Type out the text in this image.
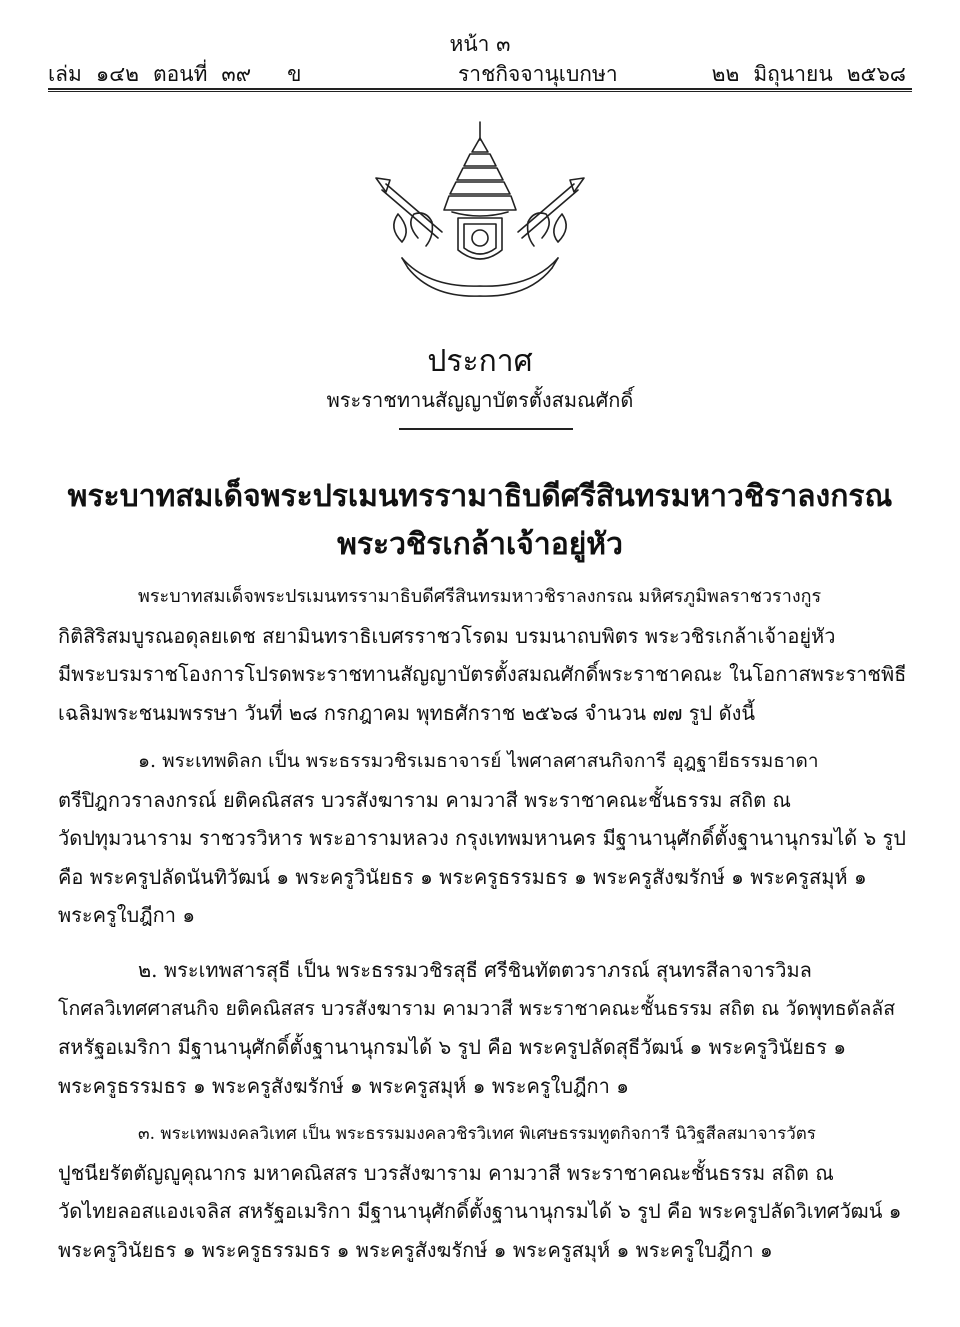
หน้า ๓
เล่ม ๑๔๒ ตอนที่ ๓๙ ข	ราชกิจจานุเบกษา	๒๒ มิถุนายน ๒๕๖๘
ประกาศ
พระราชทานสัญญาบัตรตั้งสมณศักดิ์
พระบาทสมเด็จพระปรเมนทรรามาธิบดีศรีสินทรมหาวชิราลงกรณ
พระวชิรเกล้าเจ้าอยู่หัว
พระบาทสมเด็จพระปรเมนทรรามาธิบดีศรีสินทรมหาวชิราลงกรณ มหิศรภูมิพลราชวรางกูร
กิติสิริสมบูรณอดุลยเดช สยามินทราธิเบศรราชวโรดม บรมนาถบพิตร พระวชิรเกล้าเจ้าอยู่หัว
มีพระบรมราชโองการโปรดพระราชทานสัญญาบัตรตั้งสมณศักดิ์พระราชาคณะ ในโอกาสพระราชพิธี
เฉลิมพระชนมพรรษา วันที่ ๒๘ กรกฎาคม พุทธศักราช ๒๕๖๘ จำนวน ๗๗ รูป ดังนี้
๑. พระเทพดิลก เป็น พระธรรมวชิรเมธาจารย์ ไพศาลศาสนกิจการี อุฎฐายีธรรมธาดา
ตรีปิฎกวราลงกรณ์ ยติคณิสสร บวรสังฆาราม คามวาสี พระราชาคณะชั้นธรรม สถิต ณ
วัดปทุมวนาราม ราชวรวิหาร พระอารามหลวง กรุงเทพมหานคร มีฐานานุศักดิ์ตั้งฐานานุกรมได้ ๖ รูป
คือ พระครูปลัดนันทิวัฒน์ ๑ พระครูวินัยธร ๑ พระครูธรรมธร ๑ พระครูสังฆรักษ์ ๑ พระครูสมุห์ ๑
พระครูใบฎีกา ๑
๒. พระเทพสารสุธี เป็น พระธรรมวชิรสุธี ศรีชินทัตตวราภรณ์ สุนทรสีลาจารวิมล
โกศลวิเทศศาสนกิจ ยติคณิสสร บวรสังฆาราม คามวาสี พระราชาคณะชั้นธรรม สถิต ณ วัดพุทธดัลลัส
สหรัฐอเมริกา มีฐานานุศักดิ์ตั้งฐานานุกรมได้ ๖ รูป คือ พระครูปลัดสุธีวัฒน์ ๑ พระครูวินัยธร ๑
พระครูธรรมธร ๑ พระครูสังฆรักษ์ ๑ พระครูสมุห์ ๑ พระครูใบฎีกา ๑
๓. พระเทพมงคลวิเทศ เป็น พระธรรมมงคลวชิรวิเทศ พิเศษธรรมทูตกิจการี นิวิฐสีลสมาจารวัตร
ปูชนียรัตตัญญูคุณากร มหาคณิสสร บวรสังฆาราม คามวาสี พระราชาคณะชั้นธรรม สถิต ณ
วัดไทยลอสแองเจลิส สหรัฐอเมริกา มีฐานานุศักดิ์ตั้งฐานานุกรมได้ ๖ รูป คือ พระครูปลัดวิเทศวัฒน์ ๑
พระครูวินัยธร ๑ พระครูธรรมธร ๑ พระครูสังฆรักษ์ ๑ พระครูสมุห์ ๑ พระครูใบฎีกา ๑
